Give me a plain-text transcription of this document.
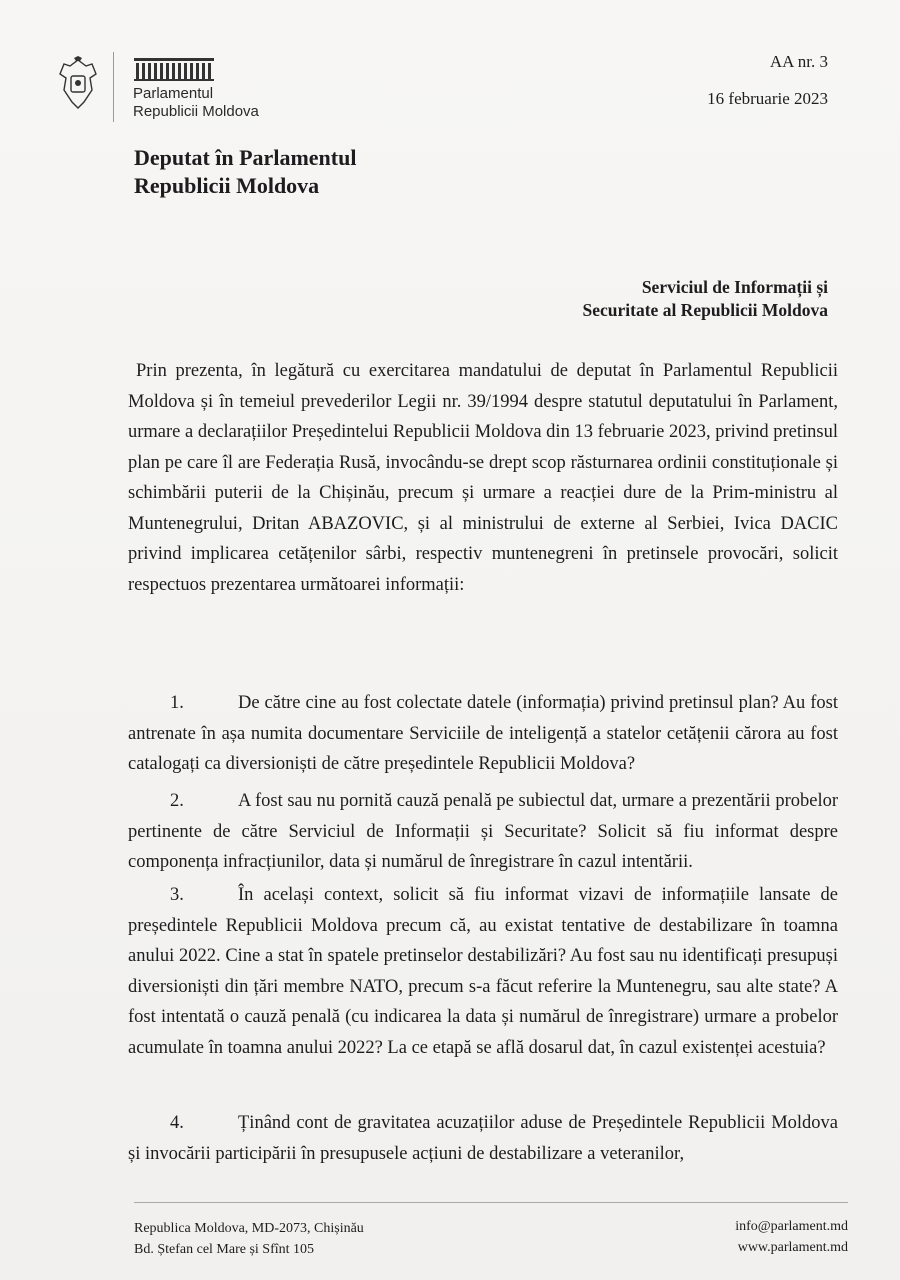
Parlamentul
Republicii Moldova
AA nr. 3
16 februarie 2023
Deputat în Parlamentul
Republicii Moldova
Serviciul de Informații și
Securitate al Republicii Moldova
Prin prezenta, în legătură cu exercitarea mandatului de deputat în Parlamentul Republicii Moldova și în temeiul prevederilor Legii nr. 39/1994 despre statutul deputatului în Parlament, urmare a declarațiilor Președintelui Republicii Moldova din 13 februarie 2023, privind pretinsul plan pe care îl are Federația Rusă, invocându-se drept scop răsturnarea ordinii constituționale și schimbării puterii de la Chișinău, precum și urmare a reacției dure de la Prim-ministru al Muntenegrului, Dritan ABAZOVIC, și al ministrului de externe al Serbiei, Ivica DACIC privind implicarea cetățenilor sârbi, respectiv muntenegreni în pretinsele provocări, solicit respectuos prezentarea următoarei informații:
1.	De către cine au fost colectate datele (informația) privind pretinsul plan? Au fost antrenate în așa numita documentare Serviciile de inteligență a statelor cetățenii cărora au fost catalogați ca diversioniști de către președintele Republicii Moldova?
2.	A fost sau nu pornită cauză penală pe subiectul dat, urmare a prezentării probelor pertinente de către Serviciul de Informații și Securitate? Solicit să fiu informat despre componența infracțiunilor, data și numărul de înregistrare în cazul intentării.
3.	În același context, solicit să fiu informat vizavi de informațiile lansate de președintele Republicii Moldova precum că, au existat tentative de destabilizare în toamna anului 2022. Cine a stat în spatele pretinselor destabilizări? Au fost sau nu identificați presupuși diversioniști din țări membre NATO, precum s-a făcut referire la Muntenegru, sau alte state? A fost intentată o cauză penală (cu indicarea la data și numărul de înregistrare) urmare a probelor acumulate în toamna anului 2022? La ce etapă se află dosarul dat, în cazul existenței acestuia?
4.	Ținând cont de gravitatea acuzațiilor aduse de Președintele Republicii Moldova și invocării participării în presupusele acțiuni de destabilizare a veteranilor,
Republica Moldova, MD-2073, Chișinău
Bd. Ștefan cel Mare și Sfînt 105
info@parlament.md
www.parlament.md
